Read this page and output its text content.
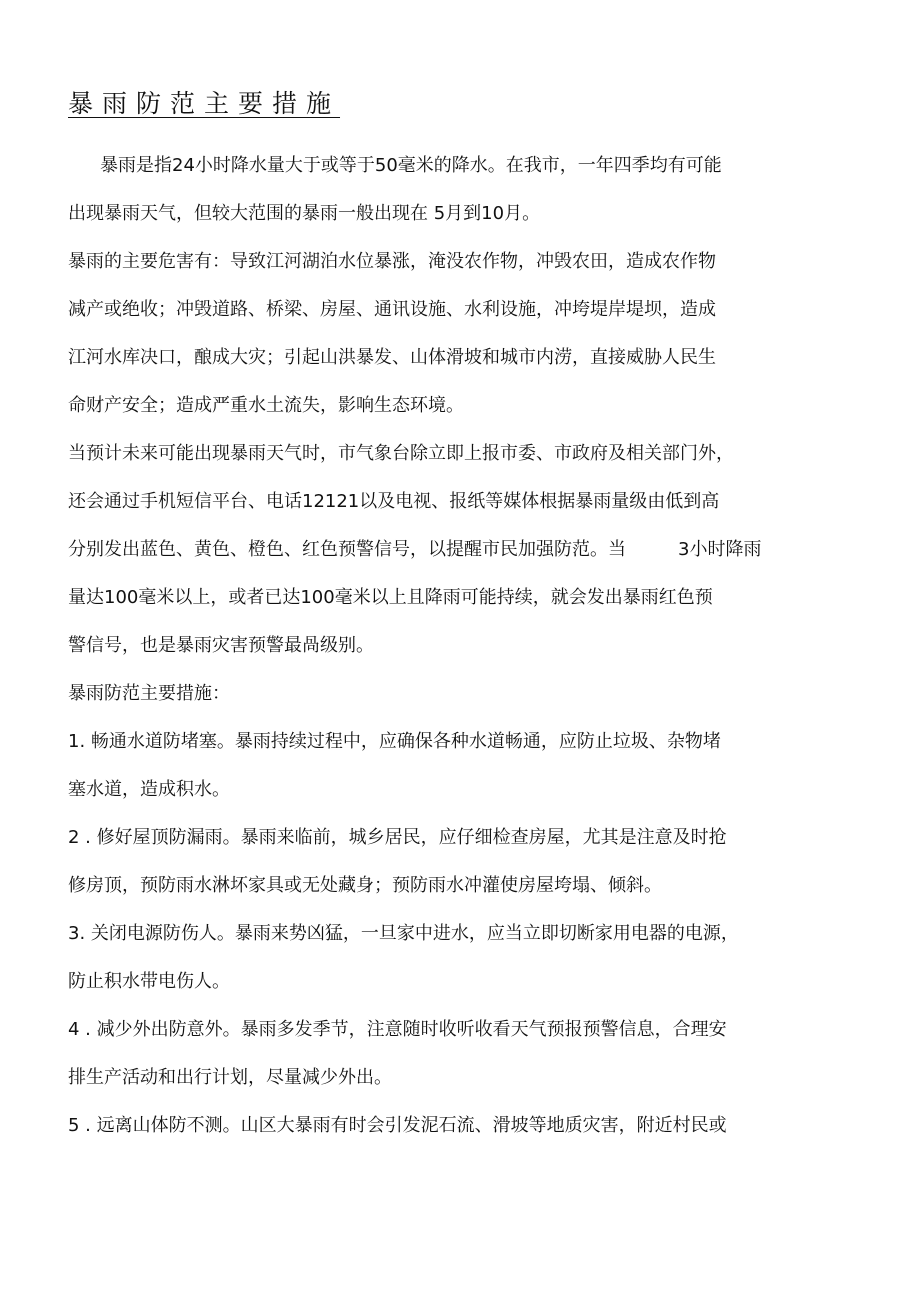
暴雨防范主要措施
暴雨是指24小时降水量大于或等于50毫米的降水。在我市，一年四季均有可能
出现暴雨天气，但较大范围的暴雨一般出现在 5月到10月。
暴雨的主要危害有：导致江河湖泊水位暴涨，淹没农作物，冲毁农田，造成农作物
减产或绝收；冲毁道路、桥梁、房屋、通讯设施、水利设施，冲垮堤岸堤坝，造成
江河水库决口，酿成大灾；引起山洪暴发、山体滑坡和城市内涝，直接威胁人民生
命财产安全；造成严重水土流失，影响生态环境。
当预计未来可能出现暴雨天气时，市气象台除立即上报市委、市政府及相关部门外，
还会通过手机短信平台、电话12121以及电视、报纸等媒体根据暴雨量级由低到高
分别发出蓝色、黄色、橙色、红色预警信号，以提醒市民加强防范。当	3小时降雨
量达100毫米以上，或者已达100毫米以上且降雨可能持续，就会发出暴雨红色预
警信号，也是暴雨灾害预警最咼级别。
暴雨防范主要措施：
1. 畅通水道防堵塞。暴雨持续过程中，应确保各种水道畅通，应防止垃圾、杂物堵
塞水道，造成积水。
2 . 修好屋顶防漏雨。暴雨来临前，城乡居民，应仔细检查房屋，尤其是注意及时抢
修房顶，预防雨水淋坏家具或无处藏身；预防雨水冲灌使房屋垮塌、倾斜。
3. 关闭电源防伤人。暴雨来势凶猛，一旦家中进水，应当立即切断家用电器的电源，
防止积水带电伤人。
4 . 减少外出防意外。暴雨多发季节，注意随时收听收看天气预报预警信息，合理安
排生产活动和出行计划，尽量减少外出。
5 . 远离山体防不测。山区大暴雨有时会引发泥石流、滑坡等地质灾害，附近村民或
